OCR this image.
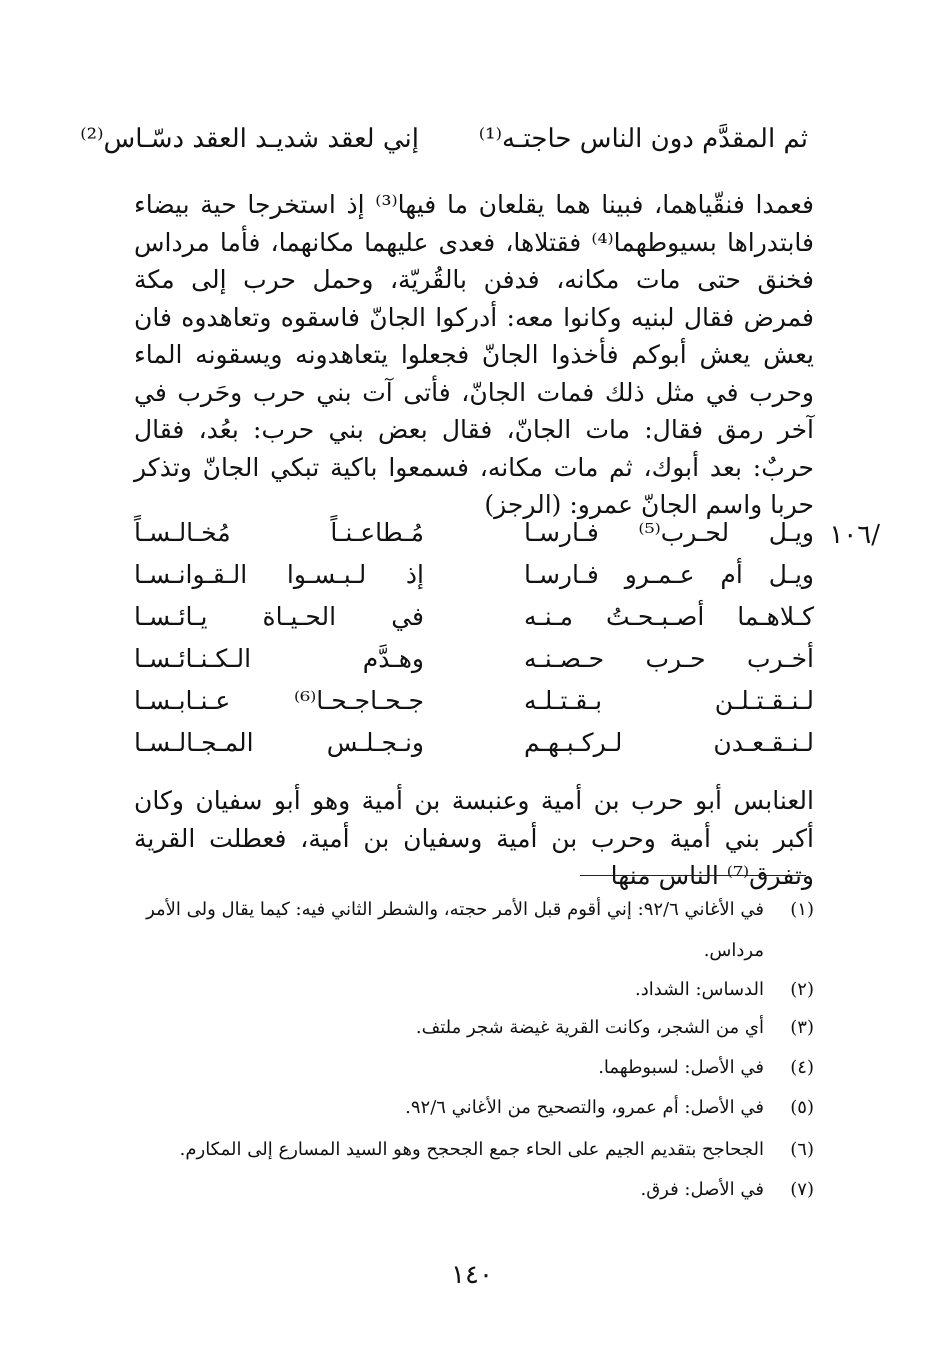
ثم المقدَّم دون الناس حاجتـه⁽¹⁾
إني لعقد شديـد العقد دسّـاس⁽²⁾
فعمدا فنقّياهما، فبينا هما يقلعان ما فيها⁽³⁾ إذ استخرجا حية بيضاء فابتدراها بسيوطهما⁽⁴⁾ فقتلاها، فعدى عليهما مكانهما، فأما مرداس فخنق حتى مات مكانه، فدفن بالقُريّة، وحمل حرب إلى مكة فمرض فقال لبنيه وكانوا معه: أدركوا الجانّ فاسقوه وتعاهدوه فان يعش يعش أبوكم فأخذوا الجانّ فجعلوا يتعاهدونه ويسقونه الماء وحرب في مثل ذلك فمات الجانّ، فأتى آت بني حرب وحَرب في آخر رمق فقال: مات الجانّ، فقال بعض بني حرب: بعُد، فقال حربٌ: بعد أبوك، ثم مات مكانه، فسمعوا باكية تبكي الجانّ وتذكر حربا واسم الجانّ عمرو: (الرجز)
/١٠٦
ويـل لحـرب⁽⁵⁾ فـارسـا
مُـطاعـنـاً مُخـالـسـاً
ويـل أم عـمـرو فـارسـا
إذ لـبـسـوا الـقـوانـسـا
كـلاهـما أصـبـحـتُ مـنـه
في الحـيـاة يـائـسـا
أخـرب حـرب حـصـنـه
وهـدَّم الـكـنـائـسـا
لـنـقـتـلـن بـقـتـلـه
جـحـاجـحـا⁽⁶⁾ عـنـابـسـا
لـنـقـعـدن لـركـبـهـم
ونـجـلـس المـجـالـسـا
العنابس أبو حرب بن أمية وعنبسة بن أمية وهو أبو سفيان وكان أكبر بني أمية وحرب بن أمية وسفيان بن أمية، فعطلت القرية وتفرق⁽⁷⁾ الناس منها
(١)في الأغاني ٩٢/٦: إني أقوم قبل الأمر حجته، والشطر الثاني فيه: كيما يقال ولى الأمر
مرداس.
(٢)الدساس: الشداد.
(٣)أي من الشجر، وكانت القرية غيضة شجر ملتف.
(٤)في الأصل: لسبوطهما.
(٥)في الأصل: أم عمرو، والتصحيح من الأغاني ٩٢/٦.
(٦)الجحاجح بتقديم الجيم على الحاء جمع الجحجح وهو السيد المسارع إلى المكارم.
(٧)في الأصل: فرق.
١٤٠
